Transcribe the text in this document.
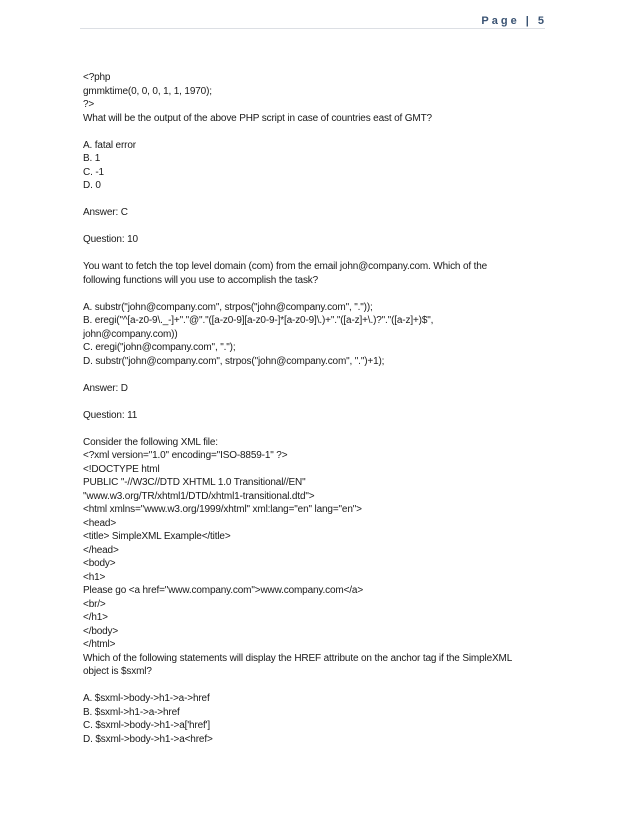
Page | 5
<?php
gmmktime(0, 0, 0, 1, 1, 1970);
?>
What will be the output of the above PHP script in case of countries east of GMT?
A. fatal error
B. 1
C. -1
D. 0
Answer: C
Question: 10
You want to fetch the top level domain (com) from the email john@company.com. Which of the
following functions will you use to accomplish the task?
A. substr("john@company.com", strpos("john@company.com", "."));
B. eregi("^[a-z0-9\._-]+"."@"."([a-z0-9][a-z0-9-]*[a-z0-9]\.)+"."([a-z]+\.)?"."([a-z]+)$",
john@company.com))
C. eregi("john@company.com", ".");
D. substr("john@company.com", strpos("john@company.com", ".")+1);
Answer: D
Question: 11
Consider the following XML file:
<?xml version="1.0" encoding="ISO-8859-1" ?>
<!DOCTYPE html
PUBLIC "-//W3C//DTD XHTML 1.0 Transitional//EN"
"www.w3.org/TR/xhtml1/DTD/xhtml1-transitional.dtd">
<html xmlns="www.w3.org/1999/xhtml" xml:lang="en" lang="en">
<head>
<title> SimpleXML Example</title>
</head>
<body>
<h1>
Please go <a href="www.company.com">www.company.com</a>
<br/>
</h1>
</body>
</html>
Which of the following statements will display the HREF attribute on the anchor tag if the SimpleXML
object is $sxml?
A. $sxml->body->h1->a->href
B. $sxml->h1->a->href
C. $sxml->body->h1->a['href']
D. $sxml->body->h1->a<href>
